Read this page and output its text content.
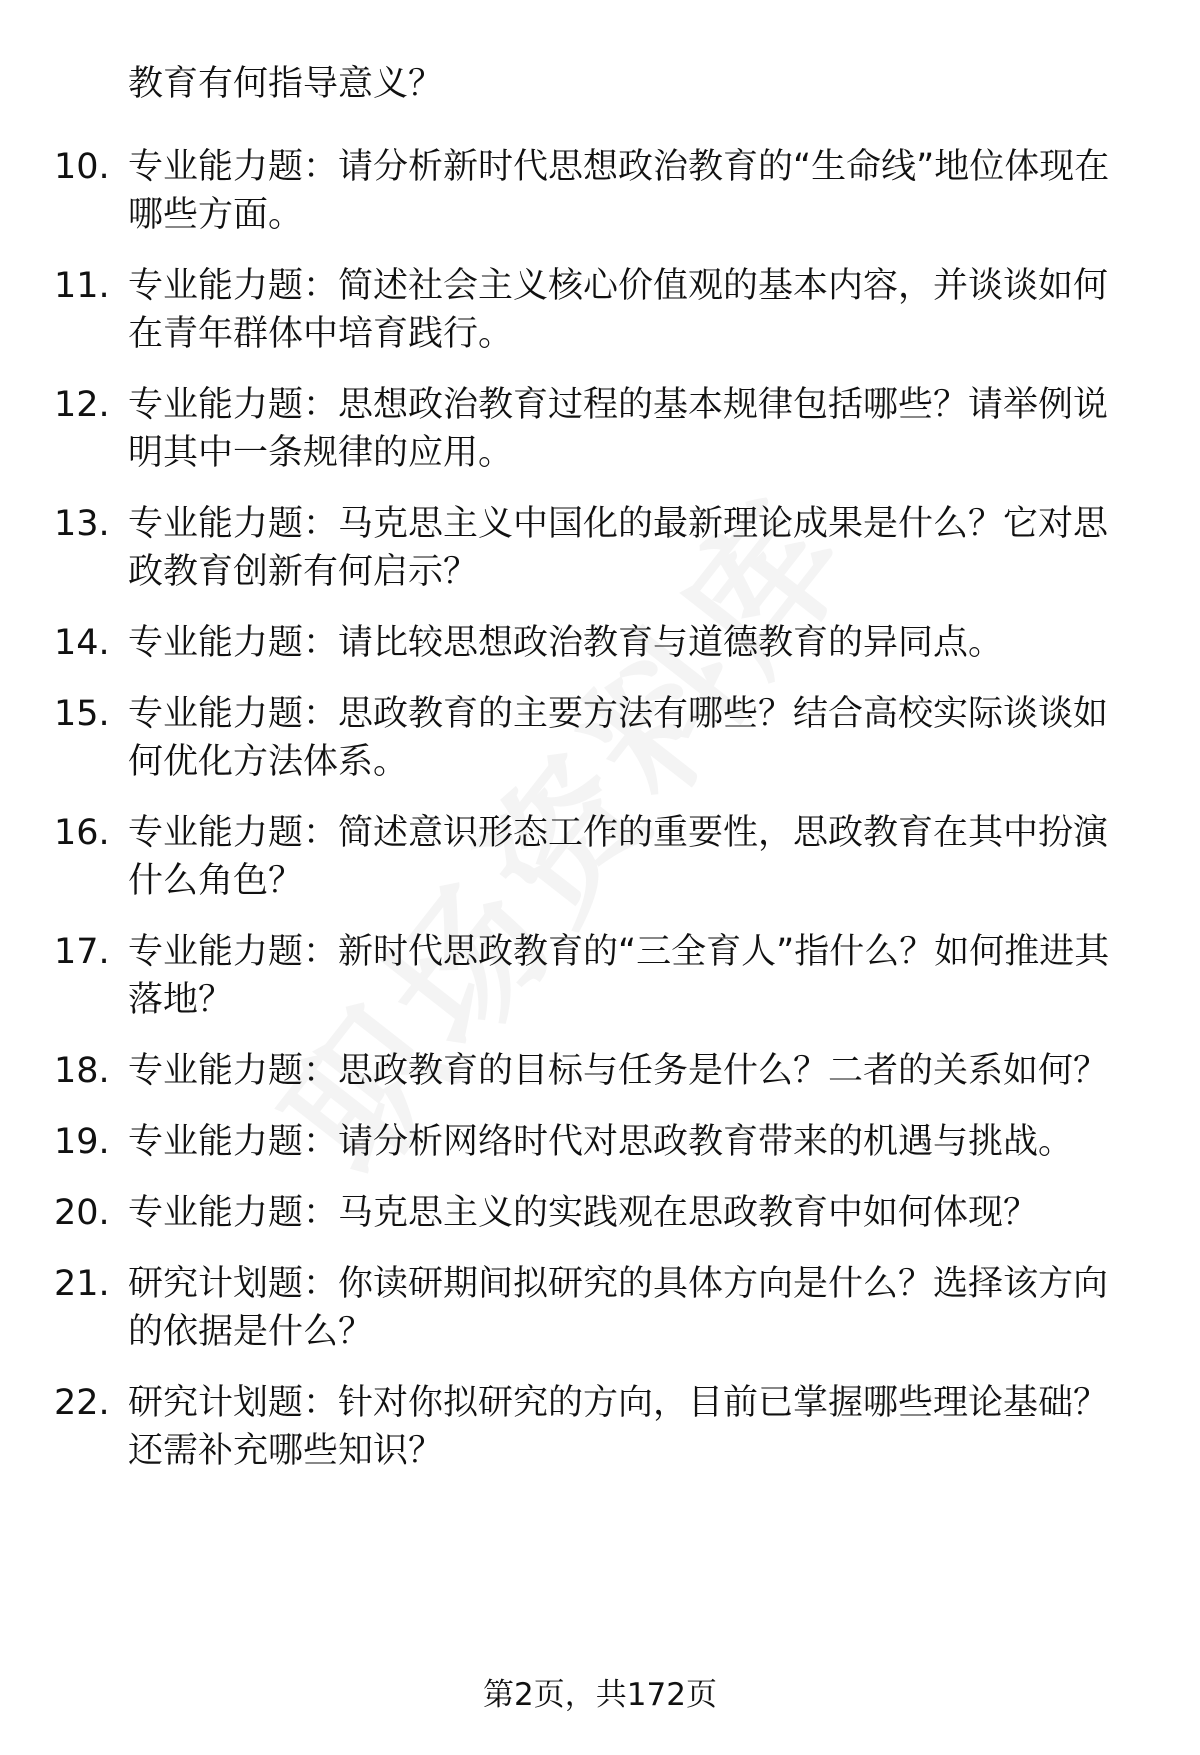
教育有何指导意义？
10. 专业能力题：请分析新时代思想政治教育的“生命线”地位体现在哪些方面。
11. 专业能力题：简述社会主义核心价值观的基本内容，并谈谈如何在青年群体中培育践行。
12. 专业能力题：思想政治教育过程的基本规律包括哪些？请举例说明其中一条规律的应用。
13. 专业能力题：马克思主义中国化的最新理论成果是什么？它对思政教育创新有何启示？
14. 专业能力题：请比较思想政治教育与道德教育的异同点。
15. 专业能力题：思政教育的主要方法有哪些？结合高校实际谈谈如何优化方法体系。
16. 专业能力题：简述意识形态工作的重要性，思政教育在其中扮演什么角色？
17. 专业能力题：新时代思政教育的“三全育人”指什么？如何推进其落地？
18. 专业能力题：思政教育的目标与任务是什么？二者的关系如何？
19. 专业能力题：请分析网络时代对思政教育带来的机遇与挑战。
20. 专业能力题：马克思主义的实践观在思政教育中如何体现？
21. 研究计划题：你读研期间拟研究的具体方向是什么？选择该方向的依据是什么？
22. 研究计划题：针对你拟研究的方向，目前已掌握哪些理论基础？还需补充哪些知识？
第2页，共172页
